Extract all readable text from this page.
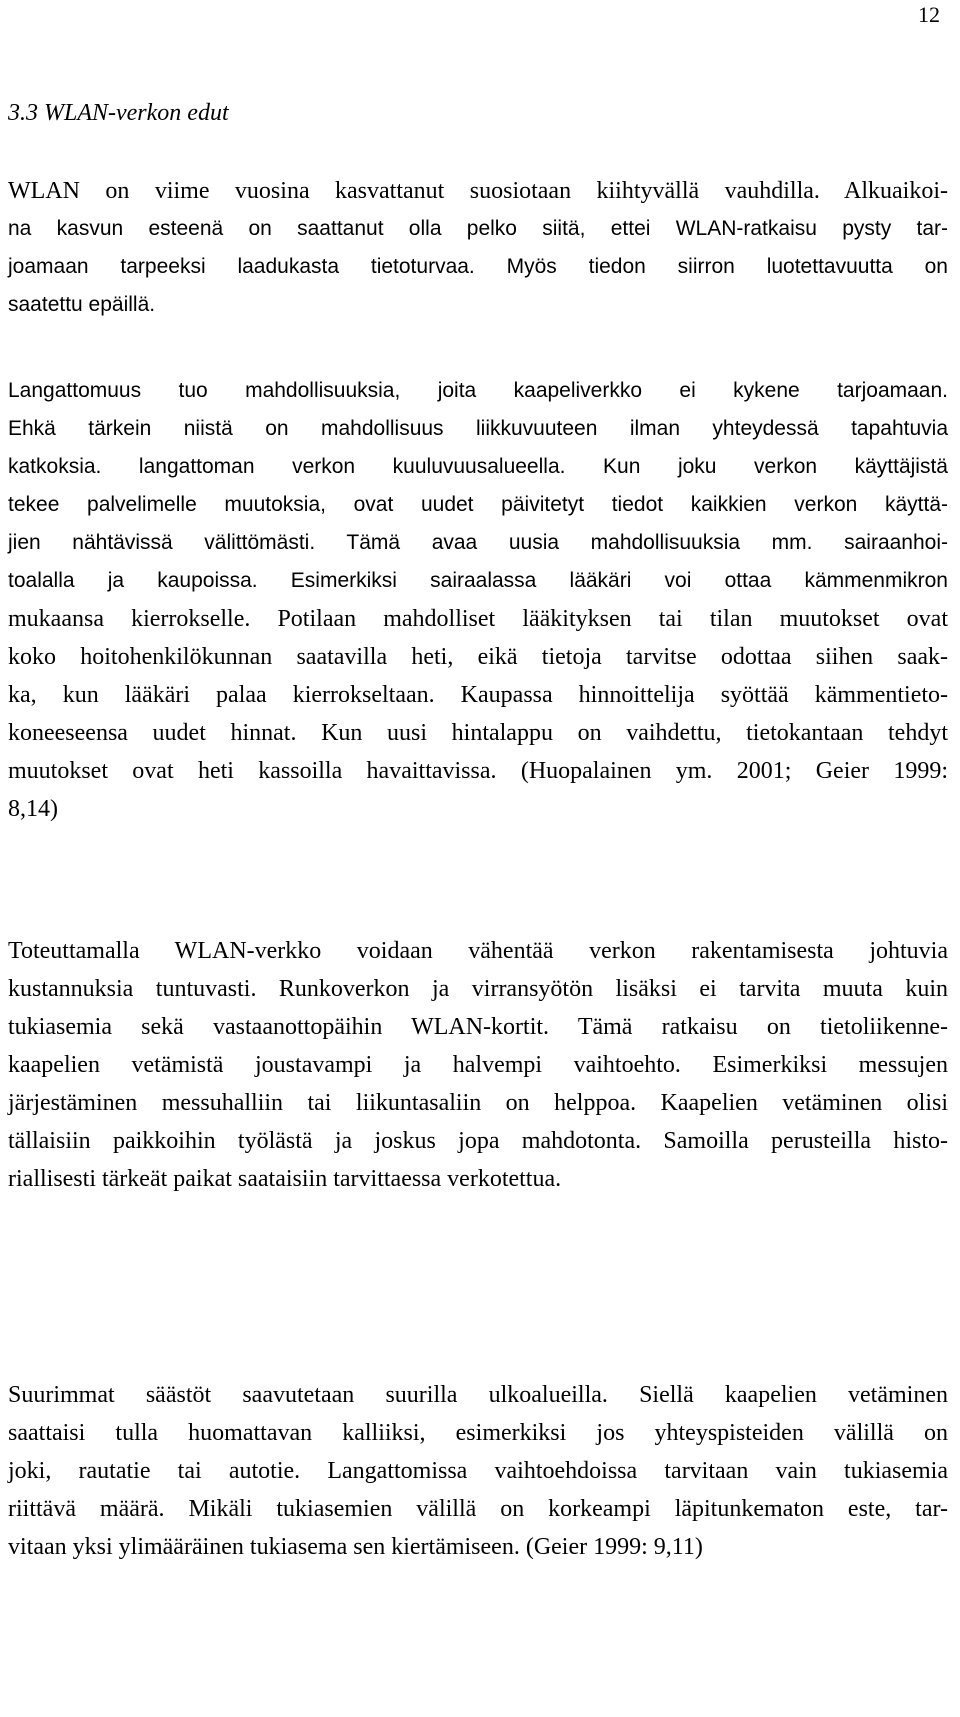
12
3.3 WLAN-verkon edut
WLAN on viime vuosina kasvattanut suosiotaan kiihtyvällä vauhdilla. Alkuaikoi-
na kasvun esteenä on saattanut olla pelko siitä, ettei WLAN-ratkaisu pysty tar-
joamaan tarpeeksi laadukasta tietoturvaa. Myös tiedon siirron luotettavuutta on
saatettu epäillä.
Langattomuus tuo mahdollisuuksia, joita kaapeliverkko ei kykene tarjoamaan.
Ehkä tärkein niistä on mahdollisuus liikkuvuuteen ilman yhteydessä tapahtuvia
katkoksia. langattoman verkon kuuluvuusalueella. Kun joku verkon käyttäjistä
tekee palvelimelle muutoksia, ovat uudet päivitetyt tiedot kaikkien verkon käyttä-
jien nähtävissä välittömästi. Tämä avaa uusia mahdollisuuksia mm. sairaanhoi-
toalalla ja kaupoissa. Esimerkiksi sairaalassa lääkäri voi ottaa kämmenmikron
mukaansa kierrokselle. Potilaan mahdolliset lääkityksen tai tilan muutokset ovat
koko hoitohenkilökunnan saatavilla heti, eikä tietoja tarvitse odottaa siihen saak-
ka, kun lääkäri palaa kierrokseltaan. Kaupassa hinnoittelija syöttää kämmentieto-
koneeseensa uudet hinnat. Kun uusi hintalappu on vaihdettu, tietokantaan tehdyt
muutokset ovat heti kassoilla havaittavissa. (Huopalainen ym. 2001; Geier 1999:
8,14)
Toteuttamalla WLAN-verkko voidaan vähentää verkon rakentamisesta johtuvia
kustannuksia tuntuvasti. Runkoverkon ja virransyötön lisäksi ei tarvita muuta kuin
tukiasemia sekä vastaanottopäihin WLAN-kortit. Tämä ratkaisu on tietoliikenne-
kaapelien vetämistä joustavampi ja halvempi vaihtoehto. Esimerkiksi messujen
järjestäminen messuhalliin tai liikuntasaliin on helppoa. Kaapelien vetäminen olisi
tällaisiin paikkoihin työlästä ja joskus jopa mahdotonta. Samoilla perusteilla histo-
riallisesti tärkeät paikat saataisiin tarvittaessa verkotettua.
Suurimmat säästöt saavutetaan suurilla ulkoalueilla. Siellä kaapelien vetäminen
saattaisi tulla huomattavan kalliiksi, esimerkiksi jos yhteyspisteiden välillä on
joki, rautatie tai autotie. Langattomissa vaihtoehdoissa tarvitaan vain tukiasemia
riittävä määrä. Mikäli tukiasemien välillä on korkeampi läpitunkematon este, tar-
vitaan yksi ylimääräinen tukiasema sen kiertämiseen. (Geier 1999: 9,11)
